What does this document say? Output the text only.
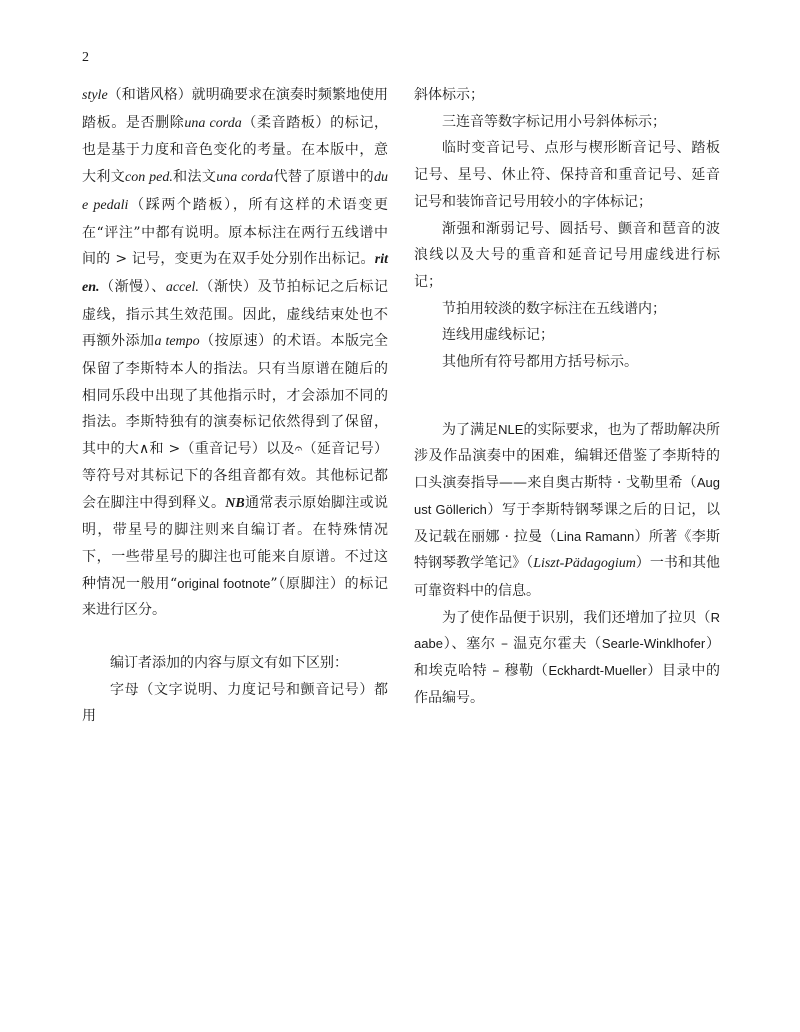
2

style（和谐风格）就明确要求在演奏时频繁地使用踏板。是否删除una corda（柔音踏板）的标记，也是基于力度和音色变化的考量。在本版中，意大利文con ped.和法文una corda代替了原谱中的due pedali（踩两个踏板），所有这样的术语变更在“评注”中都有说明。原本标注在两行五线谱中间的 > 记号，变更为在双手处分别作出标记。riten.（渐慢）、accel.（渐快）及节拍标记之后标记虚线，指示其生效范围。因此，虚线结束处也不再额外添加a tempo（按原速）的术语。本版完全保留了李斯特本人的指法。只有当原谱在随后的相同乐段中出现了其他指示时，才会添加不同的指法。李斯特独有的演奏标记依然得到了保留，其中的大∧和 >（重音记号）以及𝄐（延音记号）等符号对其标记下的各组音都有效。其他标记都会在脚注中得到释义。NB通常表示原始脚注或说明，带星号的脚注则来自编订者。在特殊情况下，一些带星号的脚注也可能来自原谱。不过这种情况一般用“original footnote”（原脚注）的标记来进行区分。

编订者添加的内容与原文有如下区别：

字母（文字说明、力度记号和颤音记号）都用

斜体标示；

三连音等数字标记用小号斜体标示；

临时变音记号、点形与楔形断音记号、踏板记号、星号、休止符、保持音和重音记号、延音记号和装饰音记号用较小的字体标记；

渐强和渐弱记号、圆括号、颤音和琶音的波浪线以及大号的重音和延音记号用虚线进行标记；

节拍用较淡的数字标注在五线谱内；

连线用虚线标记；

其他所有符号都用方括号标示。

为了满足NLE的实际要求，也为了帮助解决所涉及作品演奏中的困难，编辑还借鉴了李斯特的口头演奏指导——来自奥古斯特 · 戈勒里希（August Göllerich）写于李斯特钢琴课之后的日记，以及记载在丽娜 · 拉曼（Lina Ramann）所著《李斯特钢琴教学笔记》（Liszt-Pädagogium）一书和其他可靠资料中的信息。

为了使作品便于识别，我们还增加了拉贝（Raabe）、塞尔 – 温克尔霍夫（Searle-Winklhofer）和埃克哈特 – 穆勒（Eckhardt-Mueller）目录中的作品编号。
